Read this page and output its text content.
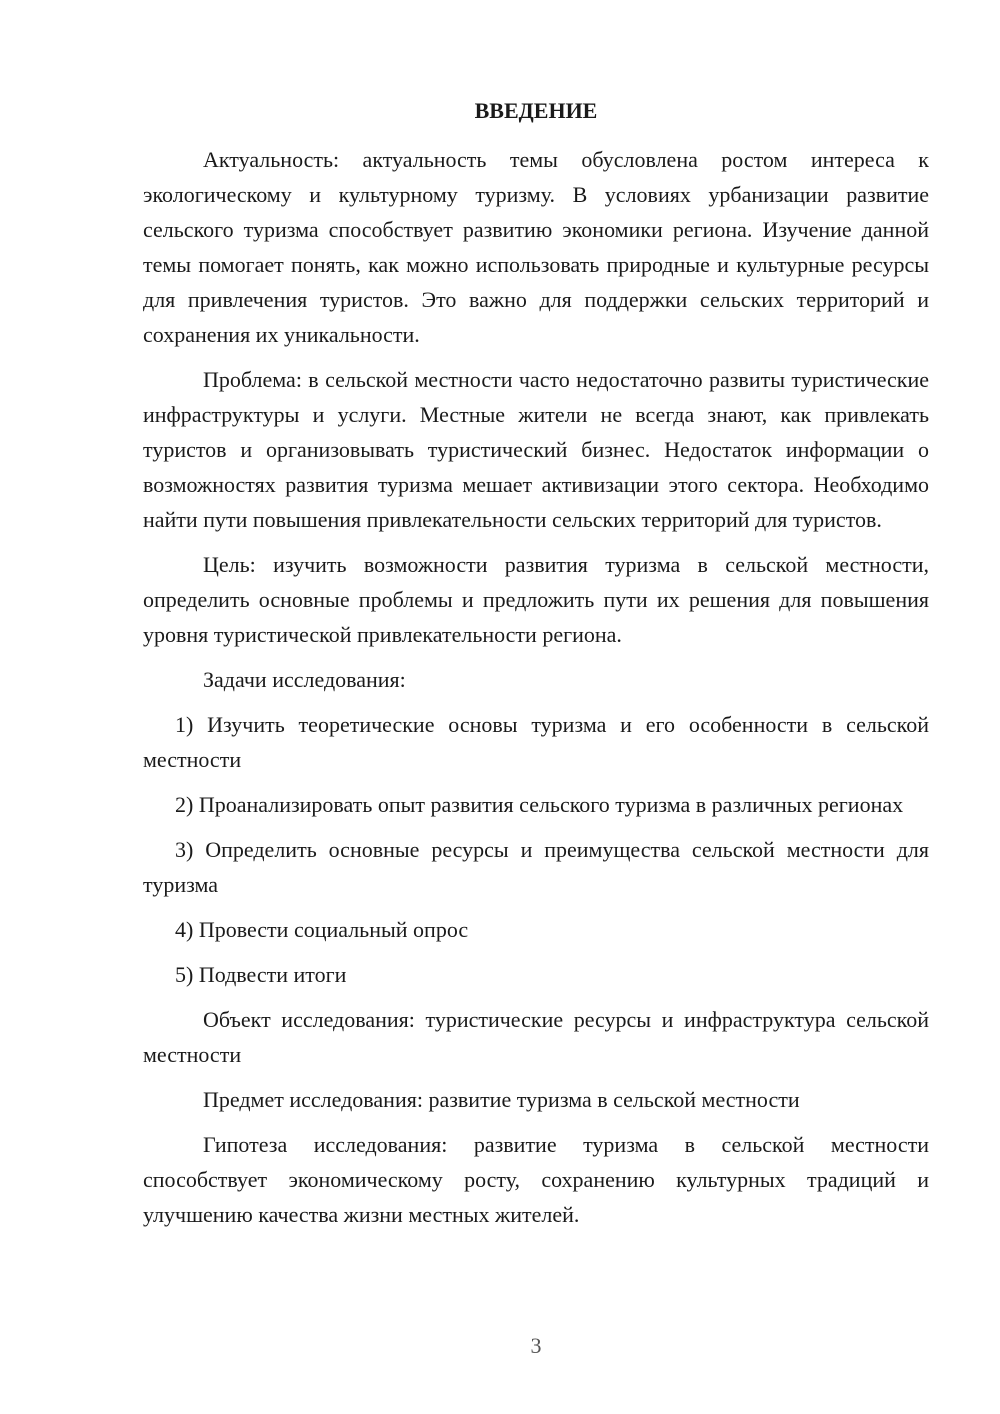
ВВЕДЕНИЕ

Актуальность: актуальность темы обусловлена ростом интереса к экологическому и культурному туризму. В условиях урбанизации развитие сельского туризма способствует развитию экономики региона. Изучение данной темы помогает понять, как можно использовать природные и культурные ресурсы для привлечения туристов. Это важно для поддержки сельских территорий и сохранения их уникальности.

Проблема: в сельской местности часто недостаточно развиты туристические инфраструктуры и услуги. Местные жители не всегда знают, как привлекать туристов и организовывать туристический бизнес. Недостаток информации о возможностях развития туризма мешает активизации этого сектора. Необходимо найти пути повышения привлекательности сельских территорий для туристов.

Цель: изучить возможности развития туризма в сельской местности, определить основные проблемы и предложить пути их решения для повышения уровня туристической привлекательности региона.

Задачи исследования:

1) Изучить теоретические основы туризма и его особенности в сельской местности

2) Проанализировать опыт развития сельского туризма в различных регионах

3) Определить основные ресурсы и преимущества сельской местности для туризма

4) Провести социальный опрос

5) Подвести итоги

Объект исследования: туристические ресурсы и инфраструктура сельской местности

Предмет исследования: развитие туризма в сельской местности

Гипотеза исследования: развитие туризма в сельской местности способствует экономическому росту, сохранению культурных традиций и улучшению качества жизни местных жителей.

3
